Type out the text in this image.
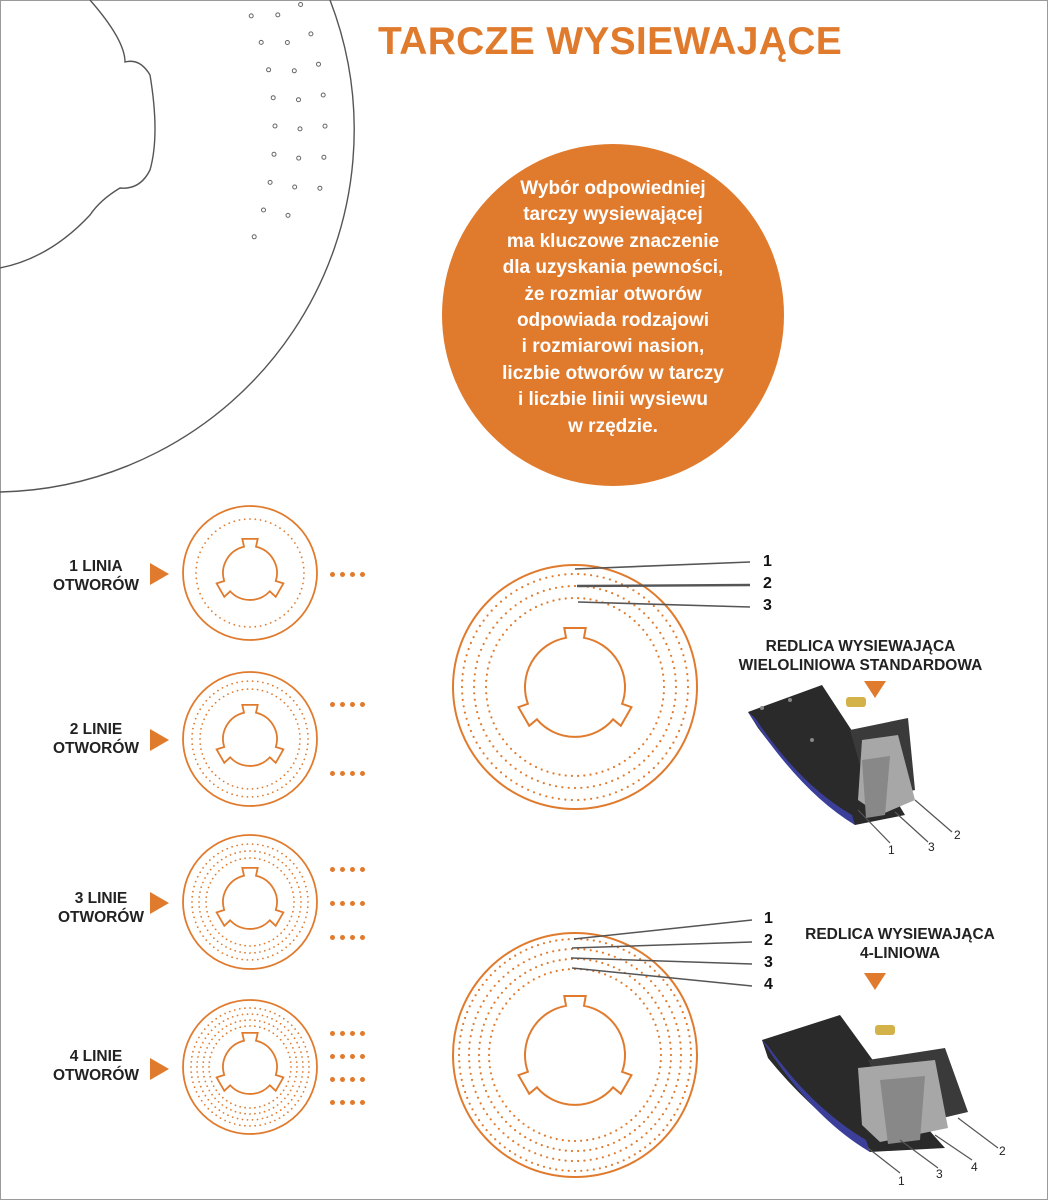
TARCZE WYSIEWAJĄCE
Wybór odpowiedniej
tarczy wysiewającej
ma kluczowe znaczenie
dla uzyskania pewności,
że rozmiar otworów
odpowiada rodzajowi
i rozmiarowi nasion,
liczbie otworów w tarczy
i liczbie linii wysiewu
w rzędzie.
1 LINIA
OTWORÓW
2 LINIE
OTWORÓW
3 LINIE
OTWORÓW
4 LINIE
OTWORÓW
1
2
3
1
2
3
4
REDLICA WYSIEWAJĄCA
WIELOLINIOWA STANDARDOWA
REDLICA WYSIEWAJĄCA
4-LINIOWA
1	3
2
1	3 4
2
